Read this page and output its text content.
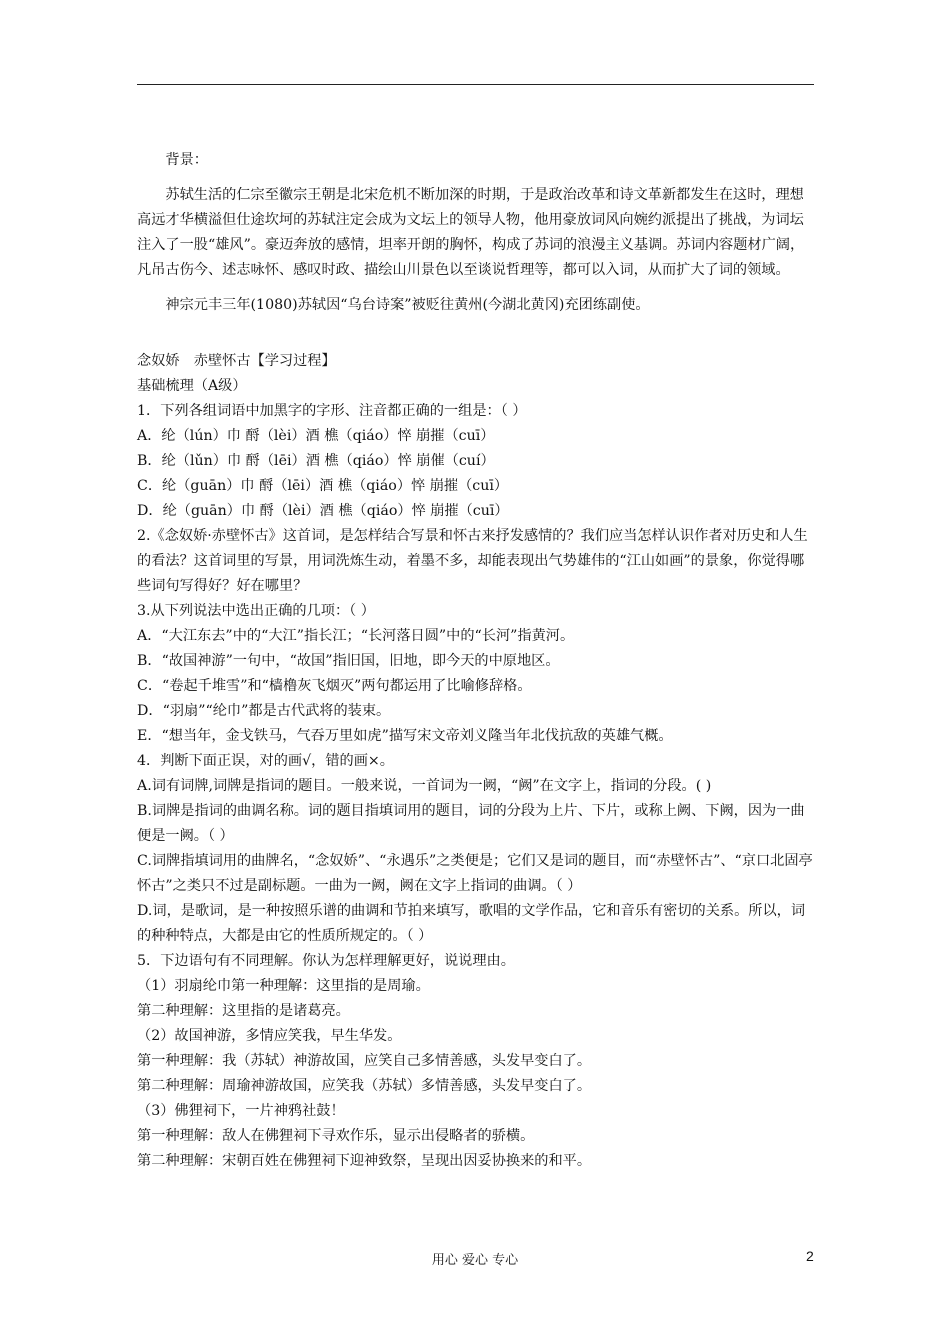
背景：

苏轼生活的仁宗至徽宗王朝是北宋危机不断加深的时期，于是政治改革和诗文革新都发生在这时，理想高远才华横溢但仕途坎坷的苏轼注定会成为文坛上的领导人物，他用豪放词风向婉约派提出了挑战，为词坛注入了一股“雄风”。豪迈奔放的感情，坦率开朗的胸怀，构成了苏词的浪漫主义基调。苏词内容题材广阔，凡吊古伤今、述志咏怀、感叹时政、描绘山川景色以至谈说哲理等，都可以入词，从而扩大了词的领域。

神宗元丰三年(1080)苏轼因“乌台诗案”被贬往黄州(今湖北黄冈)充团练副使。

念奴娇　赤壁怀古【学习过程】

基础梳理（A级）

1．下列各组词语中加黑字的字形、注音都正确的一组是：（ ）

A．纶（lún）巾 酹（lèi）酒 樵（qiáo）悴 崩摧（cuī）

B．纶（lǔn）巾 酹（lēi）酒 樵（qiáo）悴 崩催（cuí）

C．纶（guān）巾 酹（lēi）酒 樵（qiáo）悴 崩摧（cuī）

D．纶（guān）巾 酹（lèi）酒 樵（qiáo）悴 崩摧（cuī）

2.《念奴娇·赤壁怀古》这首词，是怎样结合写景和怀古来抒发感情的？我们应当怎样认识作者对历史和人生的看法？这首词里的写景，用词洗炼生动，着墨不多，却能表现出气势雄伟的“江山如画”的景象，你觉得哪些词句写得好？好在哪里？

3.从下列说法中选出正确的几项：（ ）

A．“大江东去”中的“大江”指长江；“长河落日圆”中的“长河”指黄河。

B．“故国神游”一句中，“故国”指旧国，旧地，即今天的中原地区。

C．“卷起千堆雪”和“樯橹灰飞烟灭”两句都运用了比喻修辞格。

D．“羽扇”“纶巾”都是古代武将的装束。

E．“想当年，金戈铁马，气吞万里如虎”描写宋文帝刘义隆当年北伐抗敌的英雄气概。

4．判断下面正误，对的画√，错的画×。

A.词有词牌,词牌是指词的题目。一般来说，一首词为一阙，“阙”在文字上，指词的分段。( )

B.词牌是指词的曲调名称。词的题目指填词用的题目，词的分段为上片、下片，或称上阙、下阙，因为一曲便是一阙。（ ）

C.词牌指填词用的曲牌名，“念奴娇”、“永遇乐”之类便是；它们又是词的题目，而“赤壁怀古”、“京口北固亭怀古”之类只不过是副标题。一曲为一阙，阙在文字上指词的曲调。（ ）

D.词，是歌词，是一种按照乐谱的曲调和节拍来填写，歌唱的文学作品，它和音乐有密切的关系。所以，词的种种特点，大都是由它的性质所规定的。（ ）

5．下边语句有不同理解。你认为怎样理解更好，说说理由。

（1）羽扇纶巾第一种理解：这里指的是周瑜。

第二种理解：这里指的是诸葛亮。

（2）故国神游，多情应笑我，早生华发。

第一种理解：我（苏轼）神游故国，应笑自己多情善感，头发早变白了。

第二种理解：周瑜神游故国，应笑我（苏轼）多情善感，头发早变白了。

（3）佛狸祠下，一片神鸦社鼓！

第一种理解：敌人在佛狸祠下寻欢作乐，显示出侵略者的骄横。

第二种理解：宋朝百姓在佛狸祠下迎神致祭，呈现出因妥协换来的和平。

用心 爱心 专心	2
